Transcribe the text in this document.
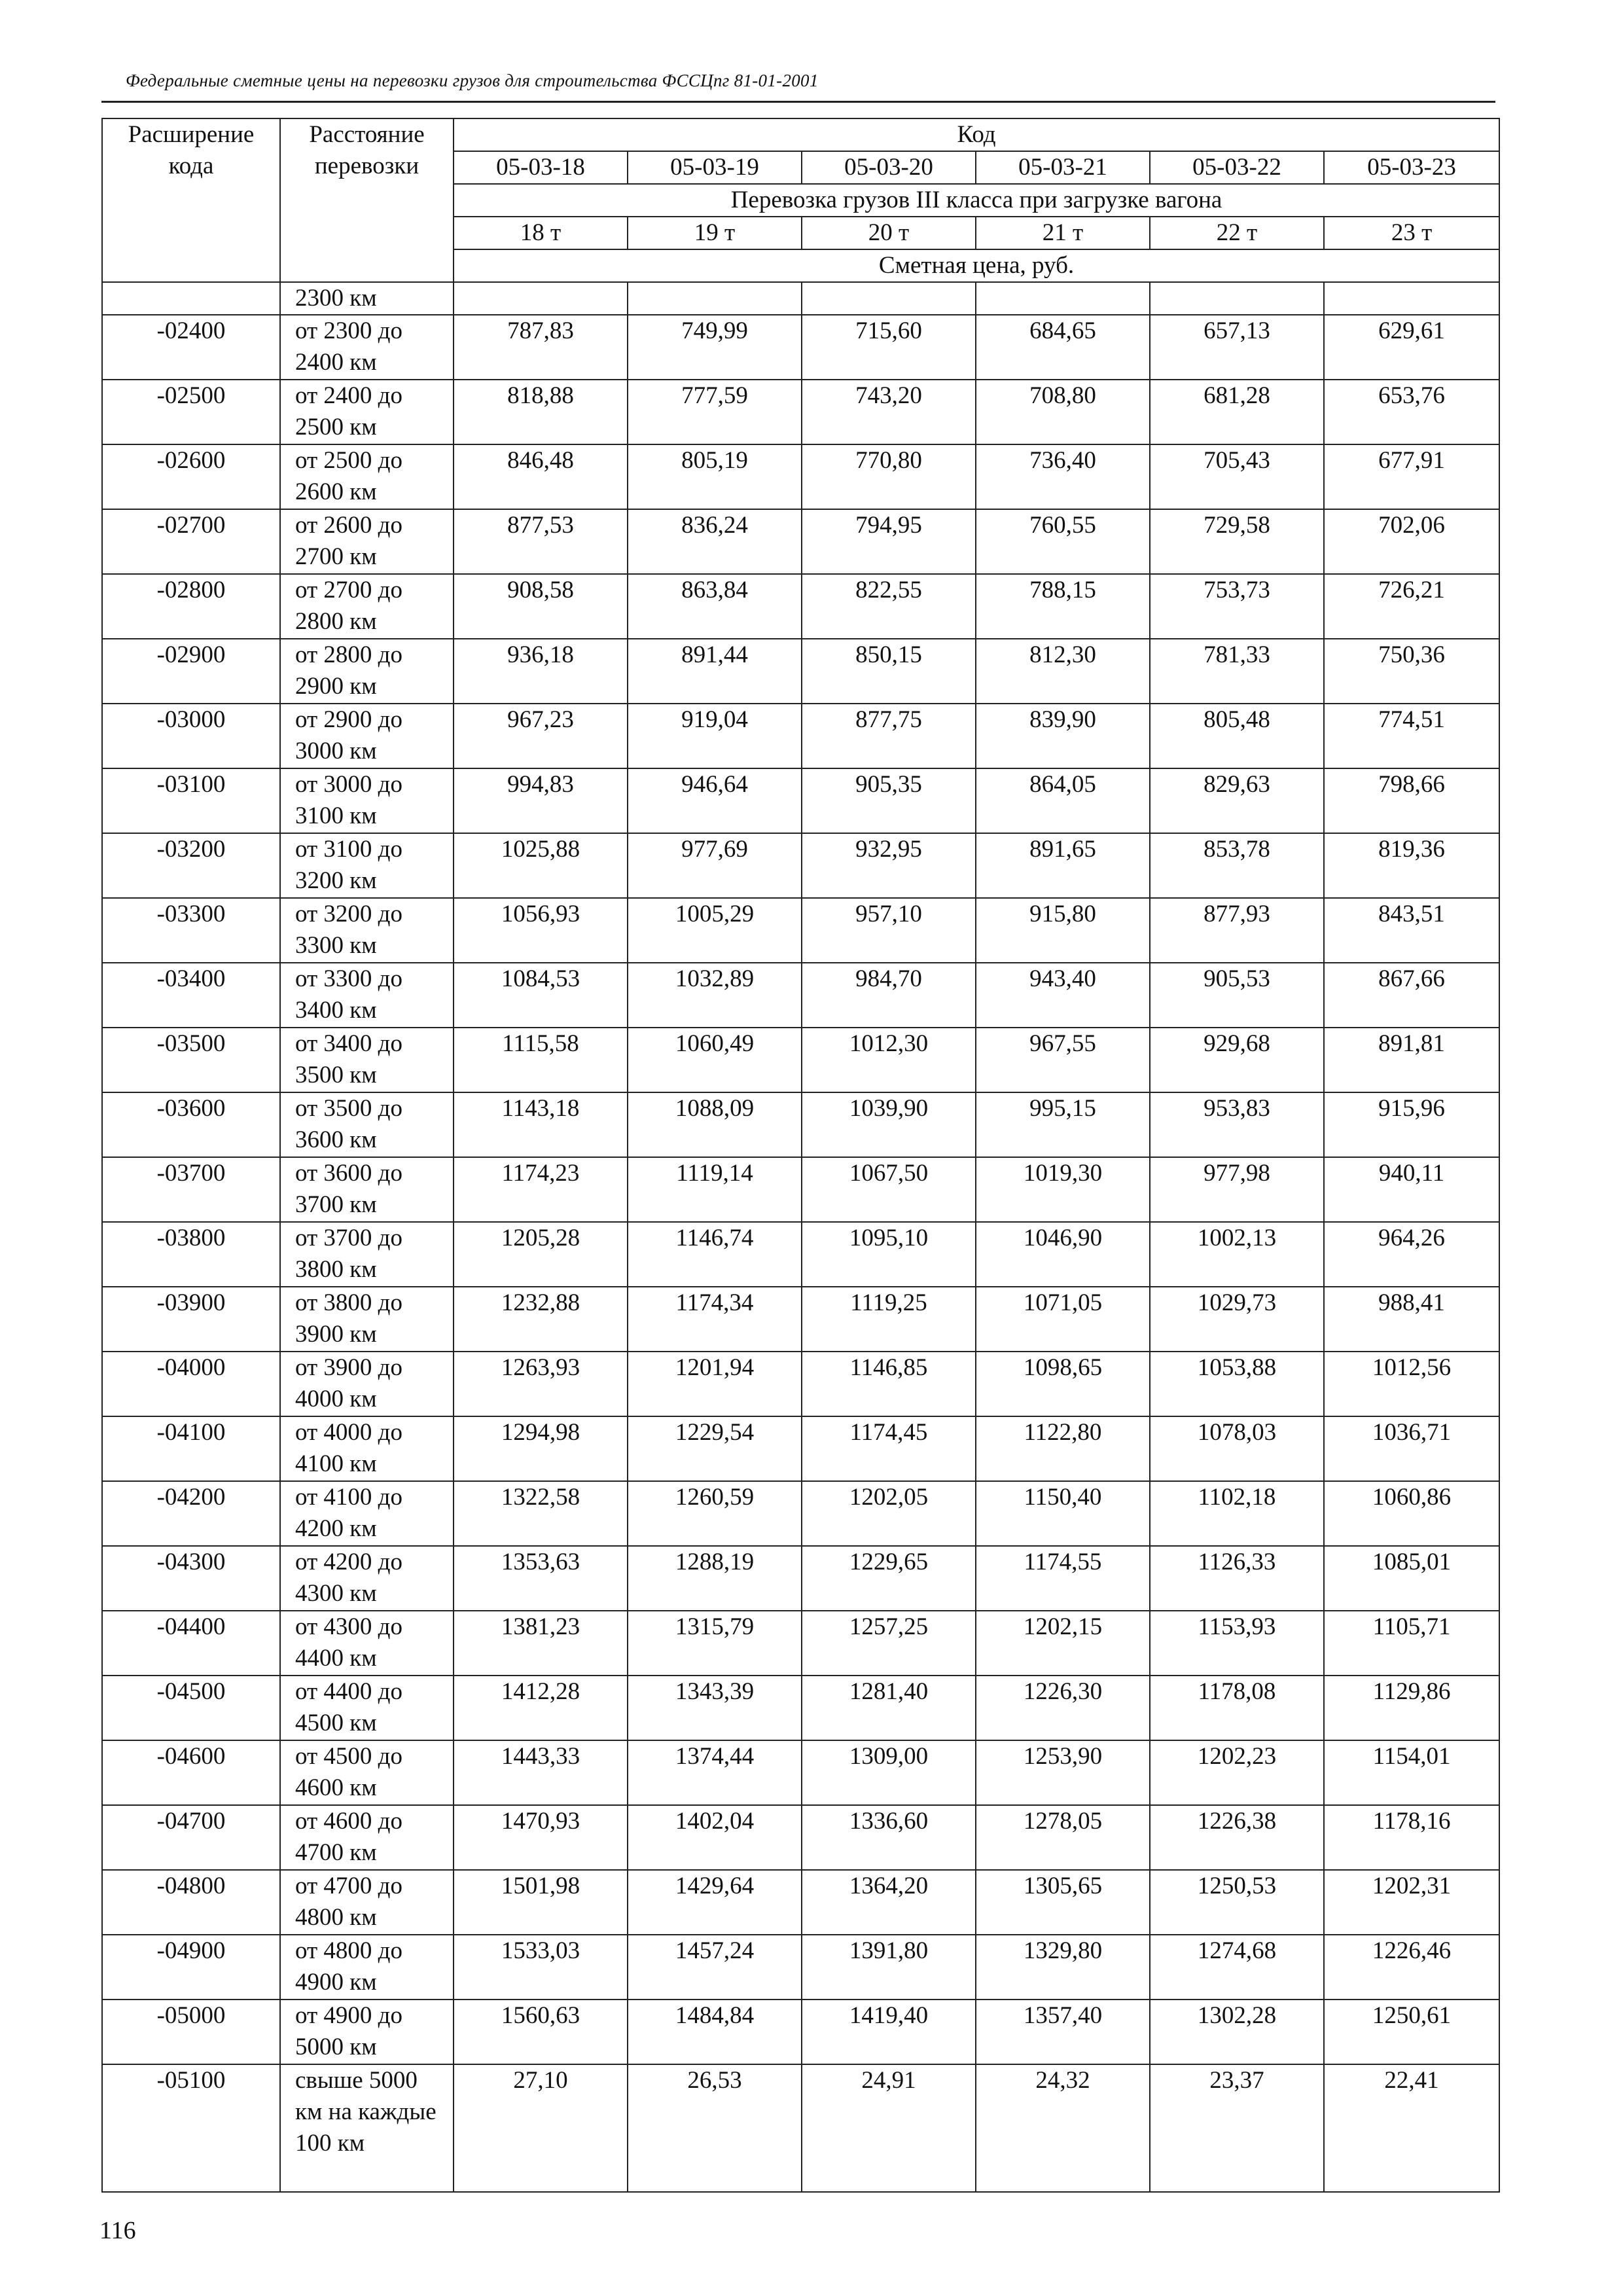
Федеральные сметные цены на перевозки грузов для строительства ФССЦпг 81-01-2001
Расширение кода	Расстояние перевозки	Код					
		05-03-18	05-03-19	05-03-20	05-03-21	05-03-22	05-03-23
		Перевозка грузов III класса при загрузке вагона					
		18 т	19 т	20 т	21 т	22 т	23 т
		Сметная цена, руб.					
	2300 км						
-02400	от 2300 до 2400 км	787,83	749,99	715,60	684,65	657,13	629,61
-02500	от 2400 до 2500 км	818,88	777,59	743,20	708,80	681,28	653,76
-02600	от 2500 до 2600 км	846,48	805,19	770,80	736,40	705,43	677,91
-02700	от 2600 до 2700 км	877,53	836,24	794,95	760,55	729,58	702,06
-02800	от 2700 до 2800 км	908,58	863,84	822,55	788,15	753,73	726,21
-02900	от 2800 до 2900 км	936,18	891,44	850,15	812,30	781,33	750,36
-03000	от 2900 до 3000 км	967,23	919,04	877,75	839,90	805,48	774,51
-03100	от 3000 до 3100 км	994,83	946,64	905,35	864,05	829,63	798,66
-03200	от 3100 до 3200 км	1025,88	977,69	932,95	891,65	853,78	819,36
-03300	от 3200 до 3300 км	1056,93	1005,29	957,10	915,80	877,93	843,51
-03400	от 3300 до 3400 км	1084,53	1032,89	984,70	943,40	905,53	867,66
-03500	от 3400 до 3500 км	1115,58	1060,49	1012,30	967,55	929,68	891,81
-03600	от 3500 до 3600 км	1143,18	1088,09	1039,90	995,15	953,83	915,96
-03700	от 3600 до 3700 км	1174,23	1119,14	1067,50	1019,30	977,98	940,11
-03800	от 3700 до 3800 км	1205,28	1146,74	1095,10	1046,90	1002,13	964,26
-03900	от 3800 до 3900 км	1232,88	1174,34	1119,25	1071,05	1029,73	988,41
-04000	от 3900 до 4000 км	1263,93	1201,94	1146,85	1098,65	1053,88	1012,56
-04100	от 4000 до 4100 км	1294,98	1229,54	1174,45	1122,80	1078,03	1036,71
-04200	от 4100 до 4200 км	1322,58	1260,59	1202,05	1150,40	1102,18	1060,86
-04300	от 4200 до 4300 км	1353,63	1288,19	1229,65	1174,55	1126,33	1085,01
-04400	от 4300 до 4400 км	1381,23	1315,79	1257,25	1202,15	1153,93	1105,71
-04500	от 4400 до 4500 км	1412,28	1343,39	1281,40	1226,30	1178,08	1129,86
-04600	от 4500 до 4600 км	1443,33	1374,44	1309,00	1253,90	1202,23	1154,01
-04700	от 4600 до 4700 км	1470,93	1402,04	1336,60	1278,05	1226,38	1178,16
-04800	от 4700 до 4800 км	1501,98	1429,64	1364,20	1305,65	1250,53	1202,31
-04900	от 4800 до 4900 км	1533,03	1457,24	1391,80	1329,80	1274,68	1226,46
-05000	от 4900 до 5000 км	1560,63	1484,84	1419,40	1357,40	1302,28	1250,61
-05100	свыше 5000 км на каждые 100 км	27,10	26,53	24,91	24,32	23,37	22,41
116
